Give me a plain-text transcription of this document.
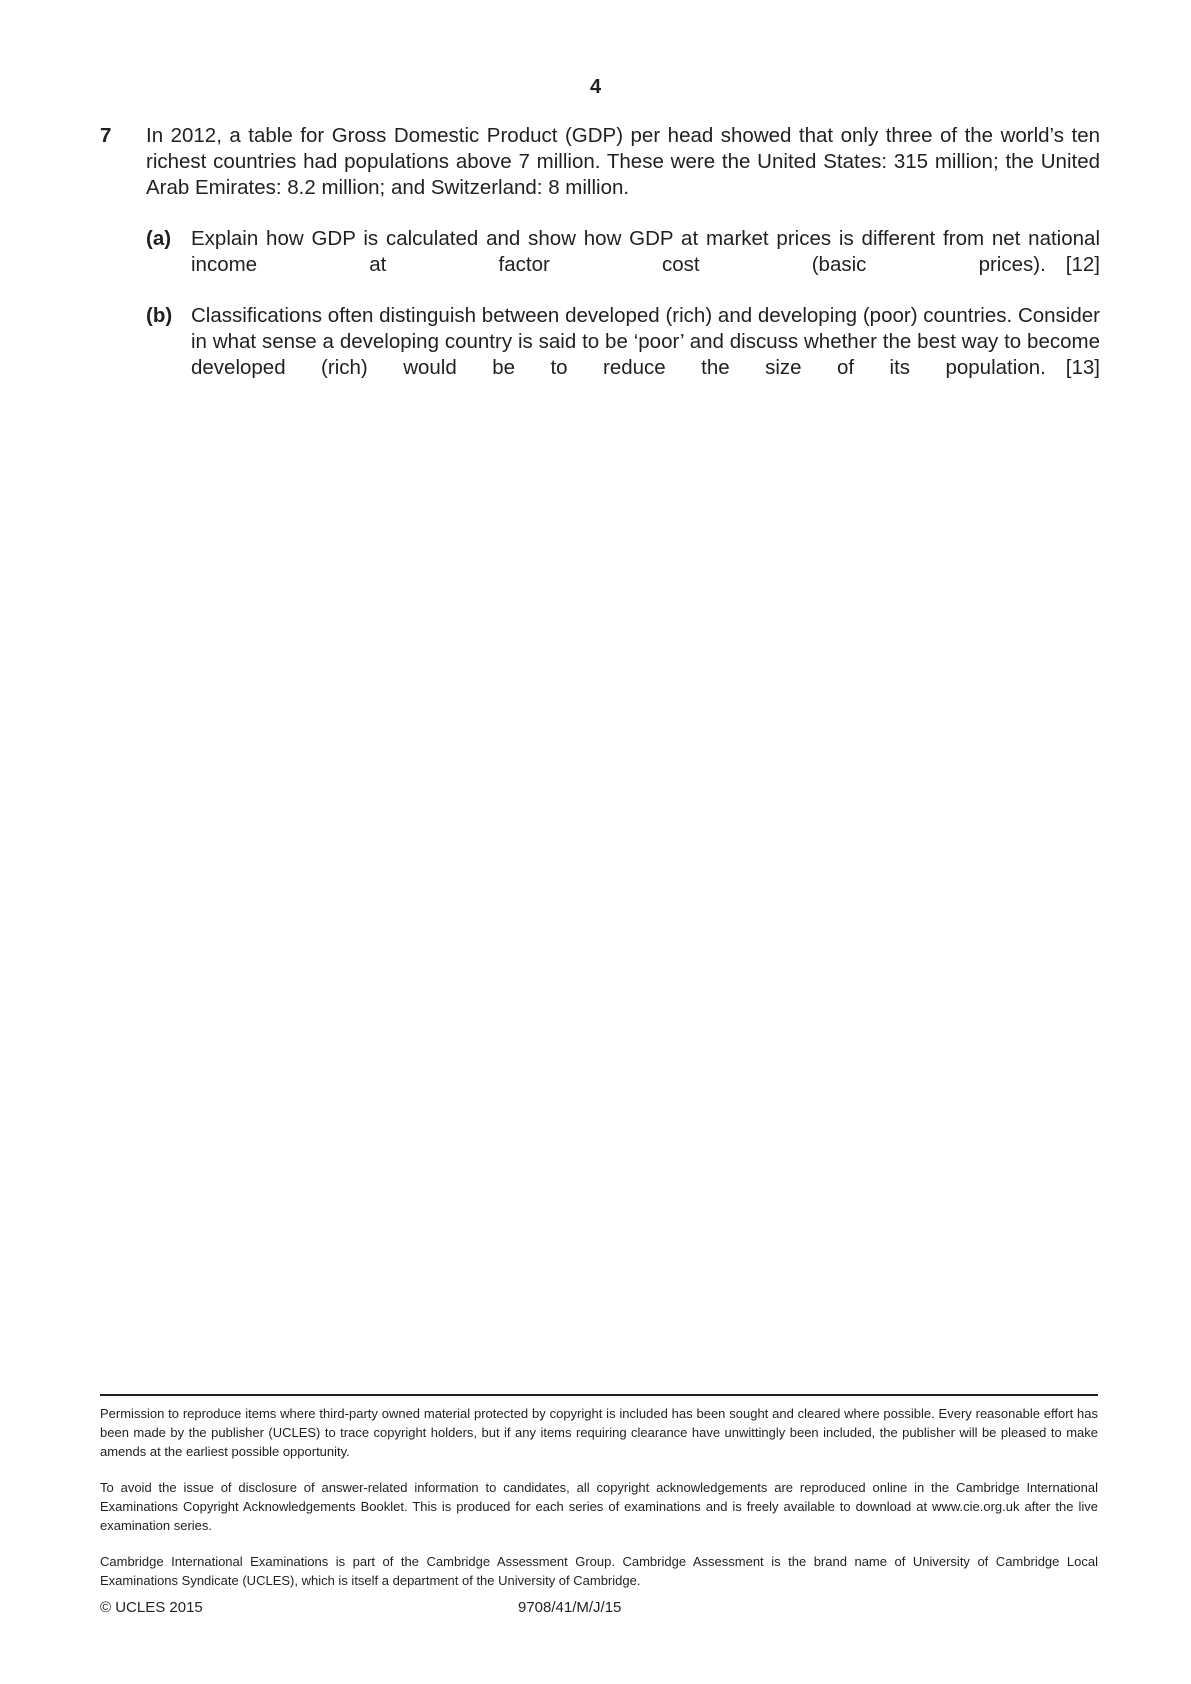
4
7 In 2012, a table for Gross Domestic Product (GDP) per head showed that only three of the world’s ten richest countries had populations above 7 million. These were the United States: 315 million; the United Arab Emirates: 8.2 million; and Switzerland: 8 million.
(a) Explain how GDP is calculated and show how GDP at market prices is different from net national income at factor cost (basic prices). [12]
(b) Classifications often distinguish between developed (rich) and developing (poor) countries. Consider in what sense a developing country is said to be ‘poor’ and discuss whether the best way to become developed (rich) would be to reduce the size of its population. [13]

Permission to reproduce items where third-party owned material protected by copyright is included has been sought and cleared where possible. Every reasonable effort has been made by the publisher (UCLES) to trace copyright holders, but if any items requiring clearance have unwittingly been included, the publisher will be pleased to make amends at the earliest possible opportunity.

To avoid the issue of disclosure of answer-related information to candidates, all copyright acknowledgements are reproduced online in the Cambridge International Examinations Copyright Acknowledgements Booklet. This is produced for each series of examinations and is freely available to download at www.cie.org.uk after the live examination series.

Cambridge International Examinations is part of the Cambridge Assessment Group. Cambridge Assessment is the brand name of University of Cambridge Local Examinations Syndicate (UCLES), which is itself a department of the University of Cambridge.

© UCLES 2015	9708/41/M/J/15
